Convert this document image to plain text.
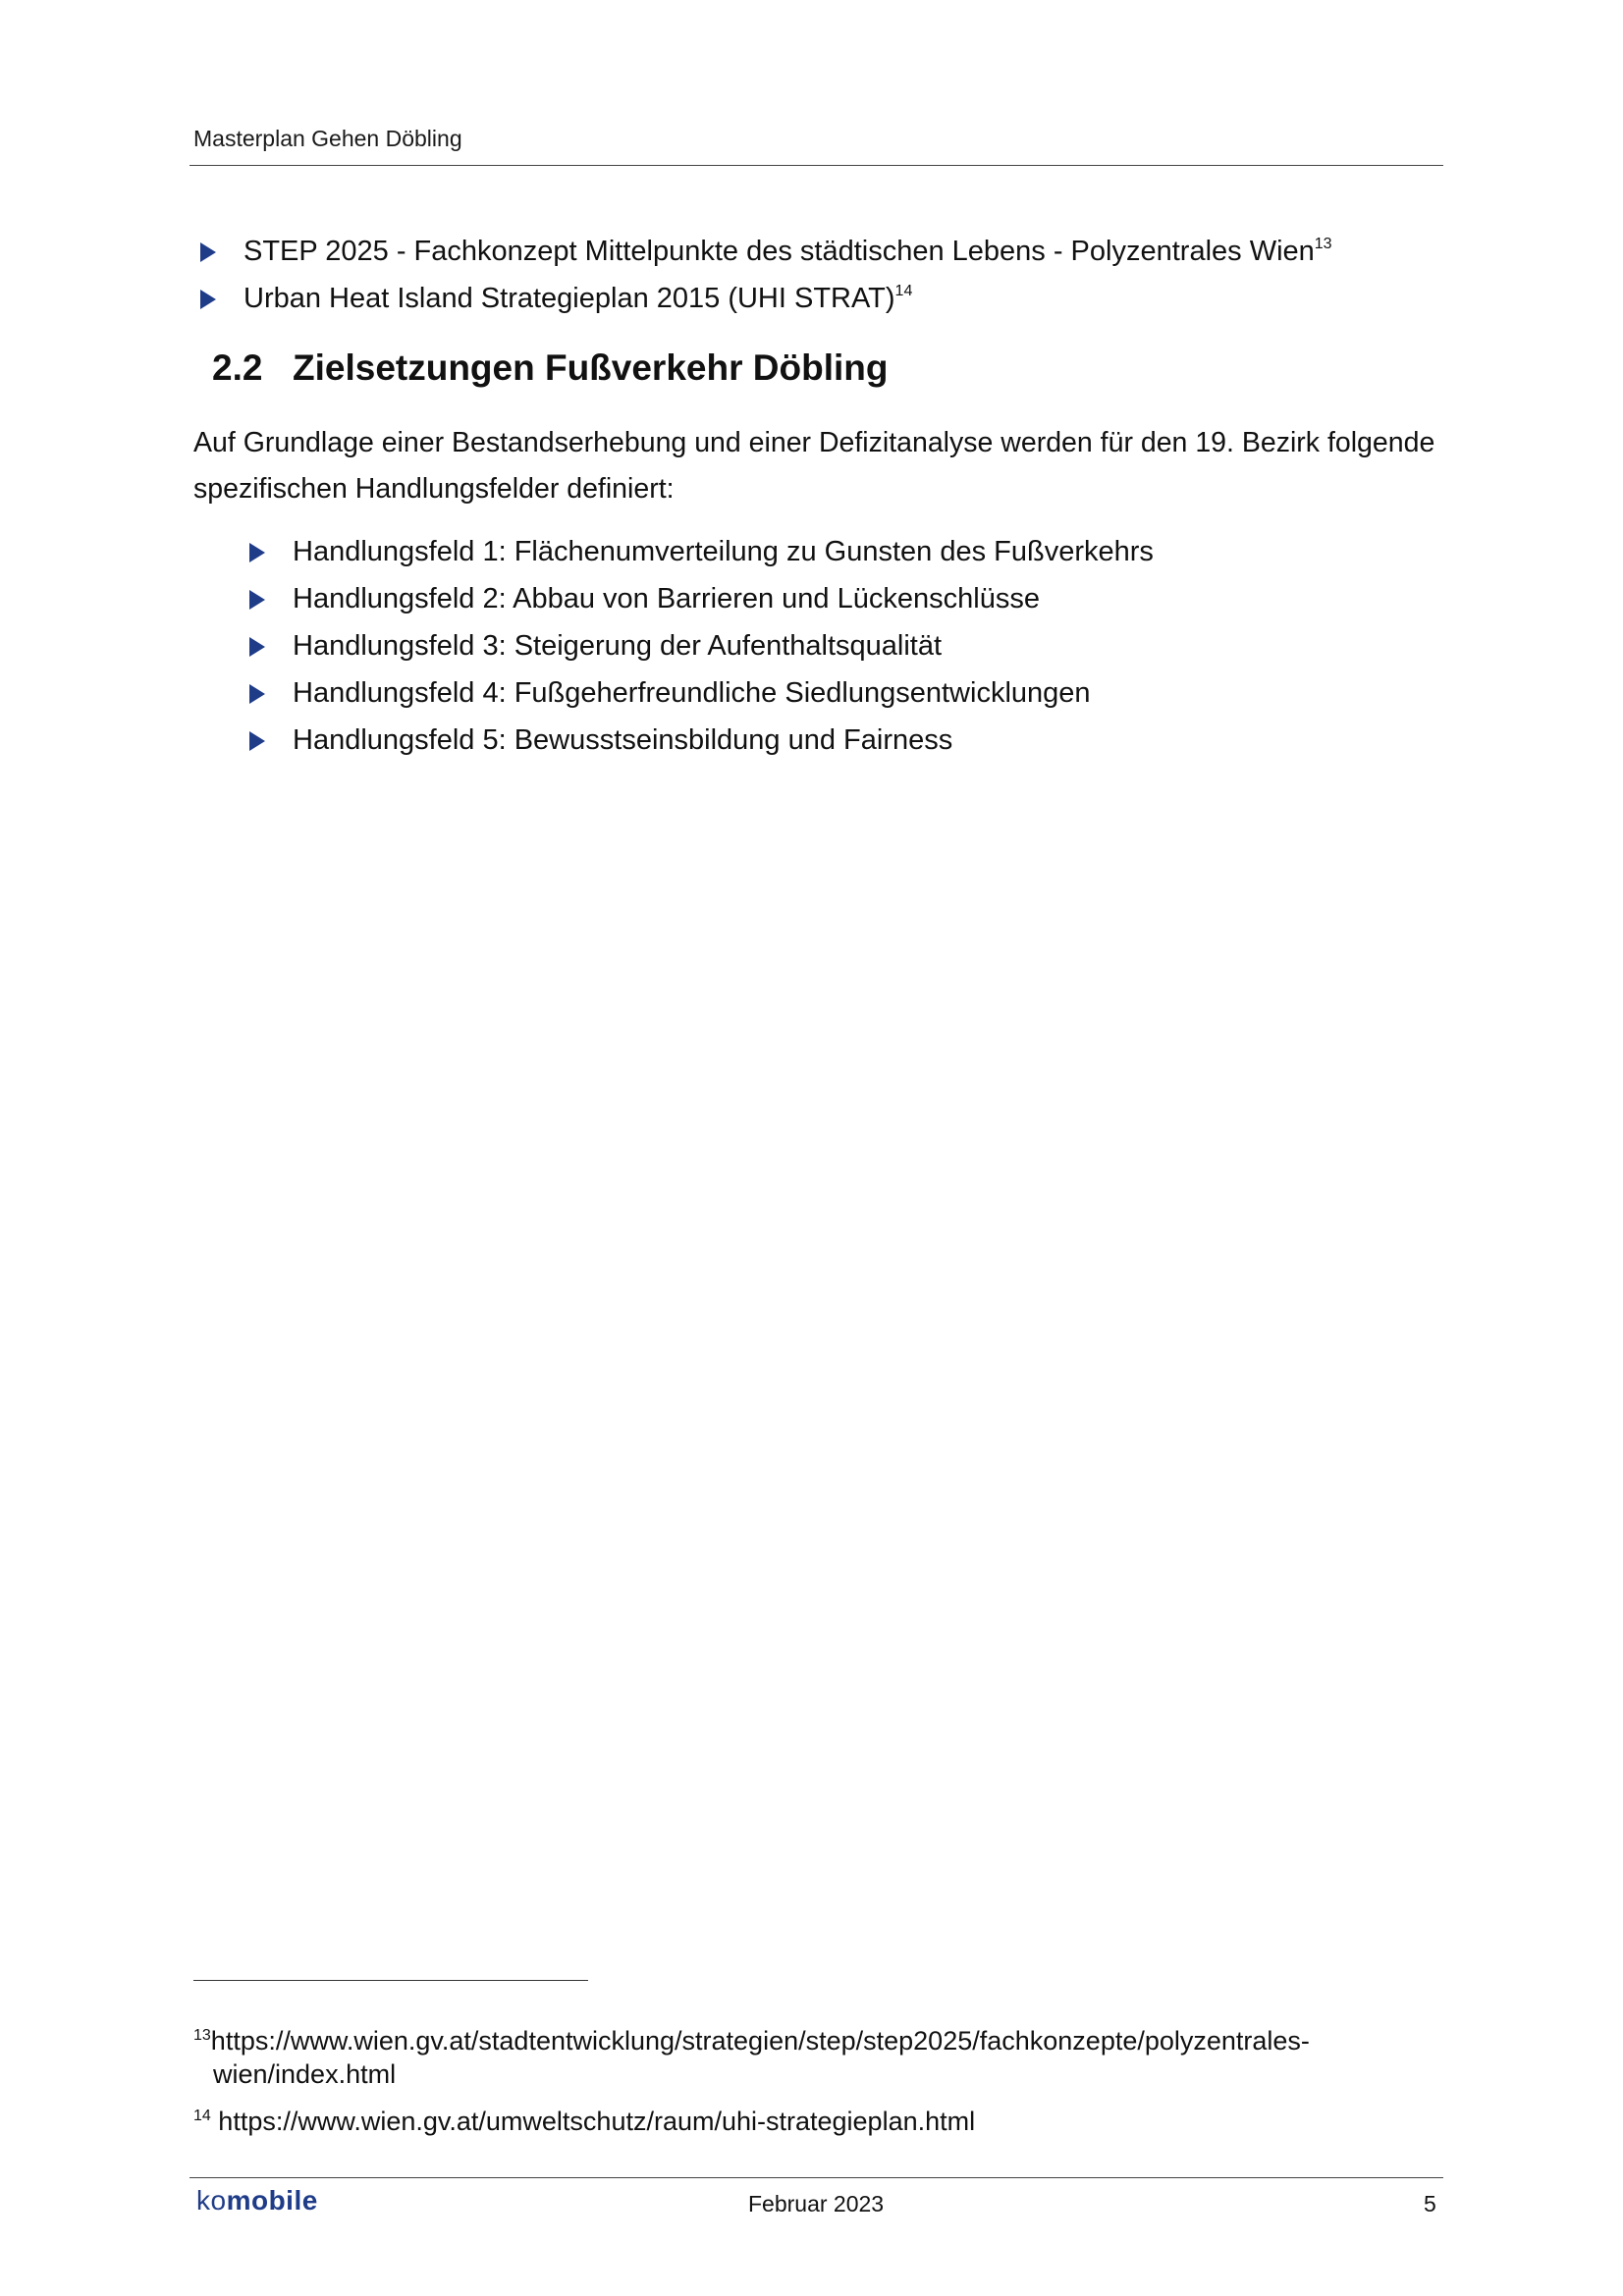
Masterplan Gehen Döbling
STEP 2025 - Fachkonzept Mittelpunkte des städtischen Lebens - Polyzentrales Wien$^{13}$
Urban Heat Island Strategieplan 2015 (UHI STRAT)$^{14}$
2.2 Zielsetzungen Fußverkehr Döbling
Auf Grundlage einer Bestandserhebung und einer Defizitanalyse werden für den 19. Bezirk folgende spezifischen Handlungsfelder definiert:
Handlungsfeld 1: Flächenumverteilung zu Gunsten des Fußverkehrs
Handlungsfeld 2: Abbau von Barrieren und Lückenschlüsse
Handlungsfeld 3: Steigerung der Aufenthaltsqualität
Handlungsfeld 4: Fußgeherfreundliche Siedlungsentwicklungen
Handlungsfeld 5: Bewusstseinsbildung und Fairness
$^{13}$https://www.wien.gv.at/stadtentwicklung/strategien/step/step2025/fachkonzepte/polyzentrales-
wien/index.html
$^{14}$ https://www.wien.gv.at/umweltschutz/raum/uhi-strategieplan.html
komobile	Februar 2023	5
